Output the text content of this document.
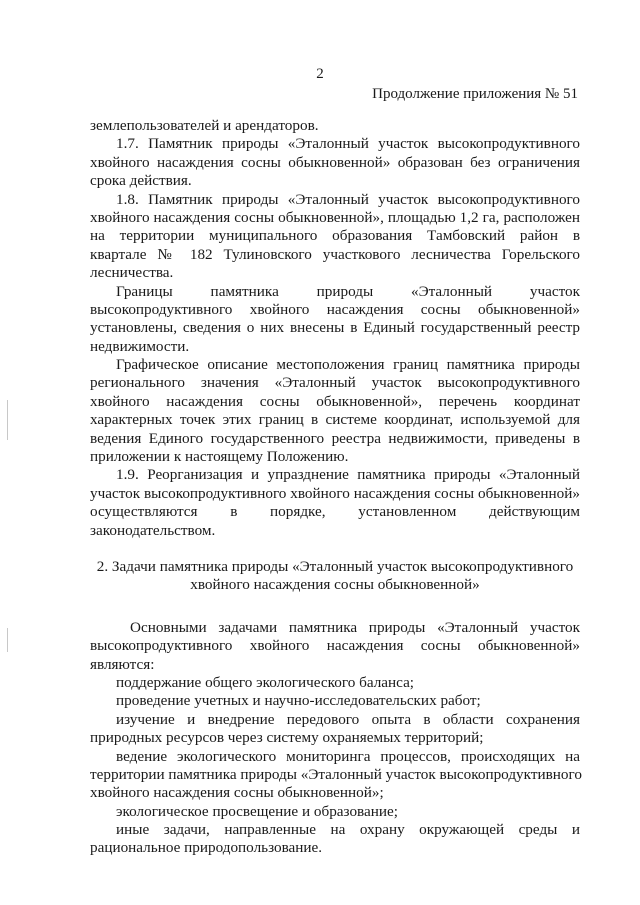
2
Продолжение приложения № 51
землепользователей и арендаторов.
1.7. Памятник природы «Эталонный участок высокопродуктивного
хвойного насаждения сосны обыкновенной» образован без ограничения
срока действия.
1.8. Памятник природы «Эталонный участок высокопродуктивного
хвойного насаждения сосны обыкновенной», площадью 1,2 га, расположен
на территории муниципального образования Тамбовский район в
квартале № 182 Тулиновского участкового лесничества Горельского
лесничества.
Границы памятника природы «Эталонный участок
высокопродуктивного хвойного насаждения сосны обыкновенной»
установлены, сведения о них внесены в Единый государственный реестр
недвижимости.
Графическое описание местоположения границ памятника природы
регионального значения «Эталонный участок высокопродуктивного
хвойного насаждения сосны обыкновенной», перечень координат
характерных точек этих границ в системе координат, используемой для
ведения Единого государственного реестра недвижимости, приведены в
приложении к настоящему Положению.
1.9. Реорганизация и упразднение памятника природы «Эталонный
участок высокопродуктивного хвойного насаждения сосны обыкновенной»
осуществляются в порядке, установленном действующим
законодательством.
2. Задачи памятника природы «Эталонный участок высокопродуктивного
хвойного насаждения сосны обыкновенной»
Основными задачами памятника природы «Эталонный участок
высокопродуктивного хвойного насаждения сосны обыкновенной»
являются:
поддержание общего экологического баланса;
проведение учетных и научно-исследовательских работ;
изучение и внедрение передового опыта в области сохранения
природных ресурсов через систему охраняемых территорий;
ведение экологического мониторинга процессов, происходящих на
территории памятника природы «Эталонный участок высокопродуктивного
хвойного насаждения сосны обыкновенной»;
экологическое просвещение и образование;
иные задачи, направленные на охрану окружающей среды и
рациональное природопользование.
